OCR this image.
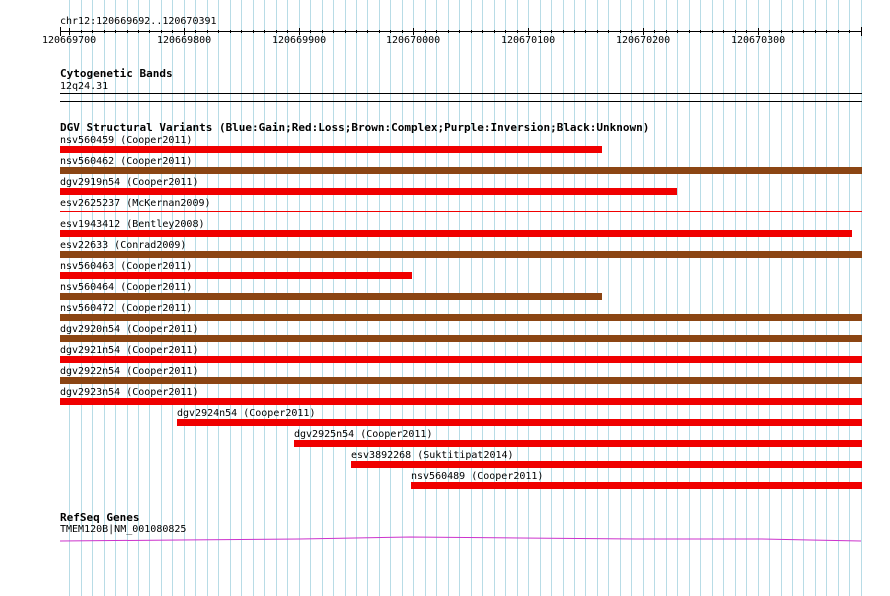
chr12:120669692..120670391
120669700	120669800	120669900	120670000	120670100	120670200	120670300
Cytogenetic Bands
12q24.31
DGV Structural Variants (Blue:Gain;Red:Loss;Brown:Complex;Purple:Inversion;Black:Unknown)
nsv560459 (Cooper2011)
nsv560462 (Cooper2011)
dgv2919n54 (Cooper2011)
esv2625237 (McKernan2009)
esv1943412 (Bentley2008)
esv22633 (Conrad2009)
nsv560463 (Cooper2011)
nsv560464 (Cooper2011)
nsv560472 (Cooper2011)
dgv2920n54 (Cooper2011)
dgv2921n54 (Cooper2011)
dgv2922n54 (Cooper2011)
dgv2923n54 (Cooper2011)
dgv2924n54 (Cooper2011)
dgv2925n54 (Cooper2011)
esv3892268 (Suktitipat2014)
nsv560489 (Cooper2011)
RefSeq Genes
TMEM120B|NM_001080825
